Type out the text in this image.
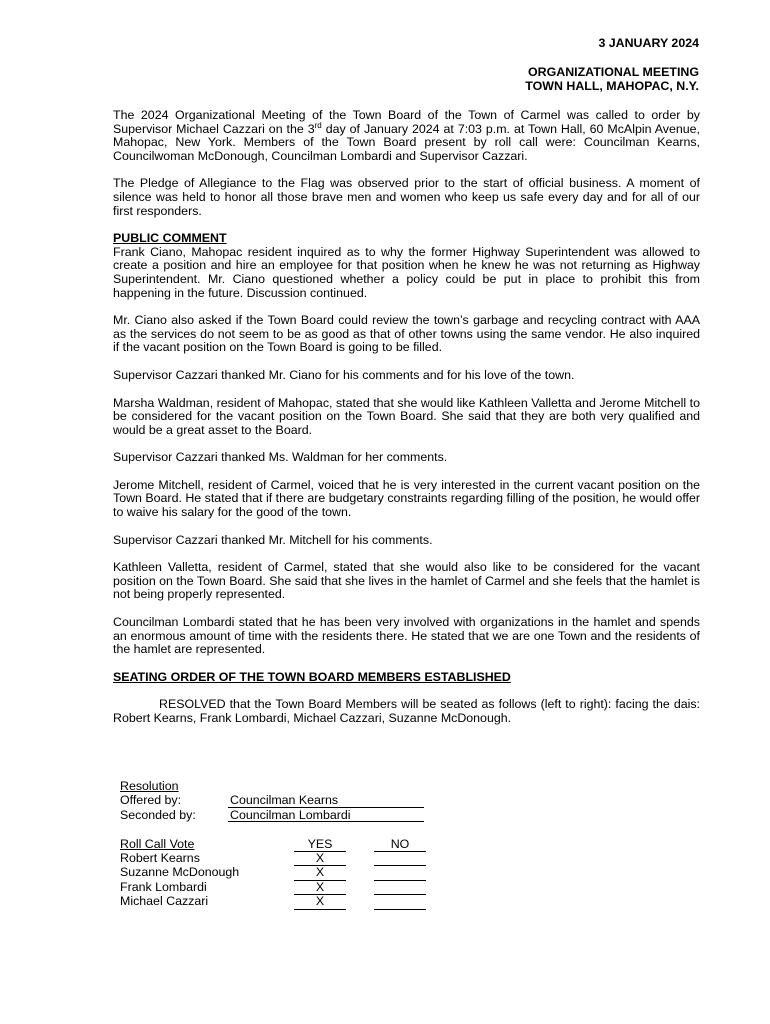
3 JANUARY 2024
ORGANIZATIONAL MEETING
TOWN HALL, MAHOPAC, N.Y.

The 2024 Organizational Meeting of the Town Board of the Town of Carmel was called to order by Supervisor Michael Cazzari on the 3rd day of January 2024 at 7:03 p.m. at Town Hall, 60 McAlpin Avenue, Mahopac, New York. Members of the Town Board present by roll call were: Councilman Kearns, Councilwoman McDonough, Councilman Lombardi and Supervisor Cazzari.

The Pledge of Allegiance to the Flag was observed prior to the start of official business. A moment of silence was held to honor all those brave men and women who keep us safe every day and for all of our first responders.

PUBLIC COMMENT

Frank Ciano, Mahopac resident inquired as to why the former Highway Superintendent was allowed to create a position and hire an employee for that position when he knew he was not returning as Highway Superintendent. Mr. Ciano questioned whether a policy could be put in place to prohibit this from happening in the future. Discussion continued.

Mr. Ciano also asked if the Town Board could review the town’s garbage and recycling contract with AAA as the services do not seem to be as good as that of other towns using the same vendor. He also inquired if the vacant position on the Town Board is going to be filled.

Supervisor Cazzari thanked Mr. Ciano for his comments and for his love of the town.

Marsha Waldman, resident of Mahopac, stated that she would like Kathleen Valletta and Jerome Mitchell to be considered for the vacant position on the Town Board. She said that they are both very qualified and would be a great asset to the Board.

Supervisor Cazzari thanked Ms. Waldman for her comments.

Jerome Mitchell, resident of Carmel, voiced that he is very interested in the current vacant position on the Town Board. He stated that if there are budgetary constraints regarding filling of the position, he would offer to waive his salary for the good of the town.

Supervisor Cazzari thanked Mr. Mitchell for his comments.

Kathleen Valletta, resident of Carmel, stated that she would also like to be considered for the vacant position on the Town Board. She said that she lives in the hamlet of Carmel and she feels that the hamlet is not being properly represented.

Councilman Lombardi stated that he has been very involved with organizations in the hamlet and spends an enormous amount of time with the residents there. He stated that we are one Town and the residents of the hamlet are represented.

SEATING ORDER OF THE TOWN BOARD MEMBERS ESTABLISHED

RESOLVED that the Town Board Members will be seated as follows (left to right): facing the dais: Robert Kearns, Frank Lombardi, Michael Cazzari, Suzanne McDonough.

Resolution
Offered by:	Councilman Kearns
Seconded by:	Councilman Lombardi
Roll Call Vote	YES	NO
Robert Kearns	X
Suzanne McDonough	X
Frank Lombardi	X
Michael Cazzari	X
